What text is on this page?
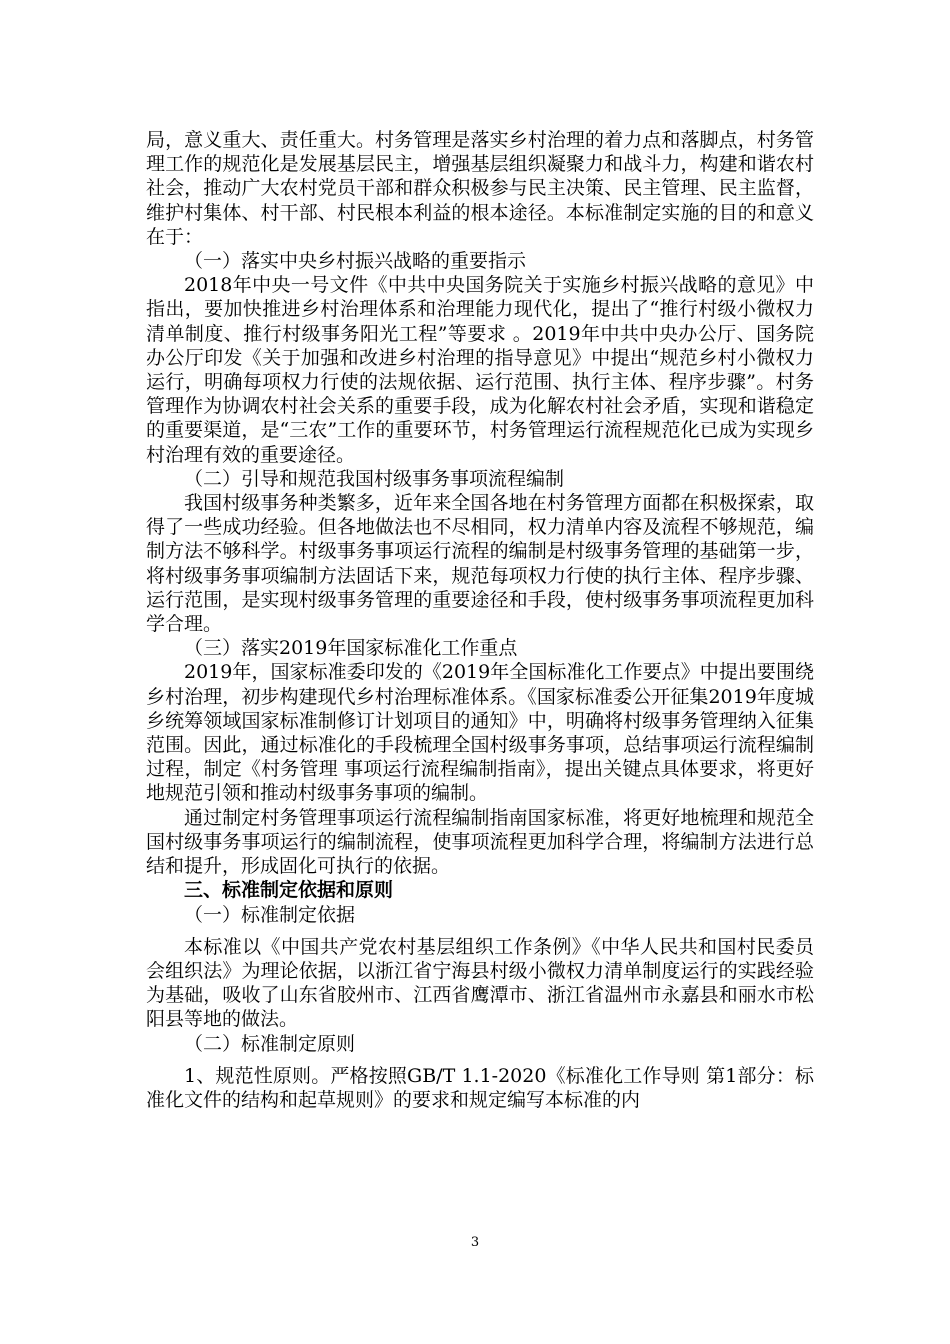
局，意义重大、责任重大。村务管理是落实乡村治理的着力点和落脚点，村务管理工作的规范化是发展基层民主，增强基层组织凝聚力和战斗力，构建和谐农村社会，推动广大农村党员干部和群众积极参与民主决策、民主管理、民主监督，维护村集体、村干部、村民根本利益的根本途径。本标准制定实施的目的和意义在于：

（一）落实中央乡村振兴战略的重要指示

2018年中央一号文件《中共中央国务院关于实施乡村振兴战略的意见》中指出，要加快推进乡村治理体系和治理能力现代化，提出了“推行村级小微权力清单制度、推行村级事务阳光工程”等要求 。2019年中共中央办公厅、国务院办公厅印发《关于加强和改进乡村治理的指导意见》中提出“规范乡村小微权力运行，明确每项权力行使的法规依据、运行范围、执行主体、程序步骤”。村务管理作为协调农村社会关系的重要手段，成为化解农村社会矛盾，实现和谐稳定的重要渠道，是“三农”工作的重要环节，村务管理运行流程规范化已成为实现乡村治理有效的重要途径。

（二）引导和规范我国村级事务事项流程编制

我国村级事务种类繁多，近年来全国各地在村务管理方面都在积极探索，取得了一些成功经验。但各地做法也不尽相同，权力清单内容及流程不够规范，编制方法不够科学。村级事务事项运行流程的编制是村级事务管理的基础第一步，将村级事务事项编制方法固话下来，规范每项权力行使的执行主体、程序步骤、运行范围，是实现村级事务管理的重要途径和手段，使村级事务事项流程更加科学合理。

（三）落实2019年国家标准化工作重点

2019年，国家标准委印发的《2019年全国标准化工作要点》中提出要围绕乡村治理，初步构建现代乡村治理标准体系。《国家标准委公开征集2019年度城乡统筹领域国家标准制修订计划项目的通知》中，明确将村级事务管理纳入征集范围。因此，通过标准化的手段梳理全国村级事务事项，总结事项运行流程编制过程，制定《村务管理 事项运行流程编制指南》，提出关键点具体要求，将更好地规范引领和推动村级事务事项的编制。

通过制定村务管理事项运行流程编制指南国家标准，将更好地梳理和规范全国村级事务事项运行的编制流程，使事项流程更加科学合理，将编制方法进行总结和提升，形成固化可执行的依据。

三、标准制定依据和原则

（一）标准制定依据

本标准以《中国共产党农村基层组织工作条例》《中华人民共和国村民委员会组织法》为理论依据，以浙江省宁海县村级小微权力清单制度运行的实践经验为基础，吸收了山东省胶州市、江西省鹰潭市、浙江省温州市永嘉县和丽水市松阳县等地的做法。

（二）标准制定原则

1、规范性原则。严格按照GB/T 1.1-2020《标准化工作导则 第1部分：标准化文件的结构和起草规则》的要求和规定编写本标准的内

3
